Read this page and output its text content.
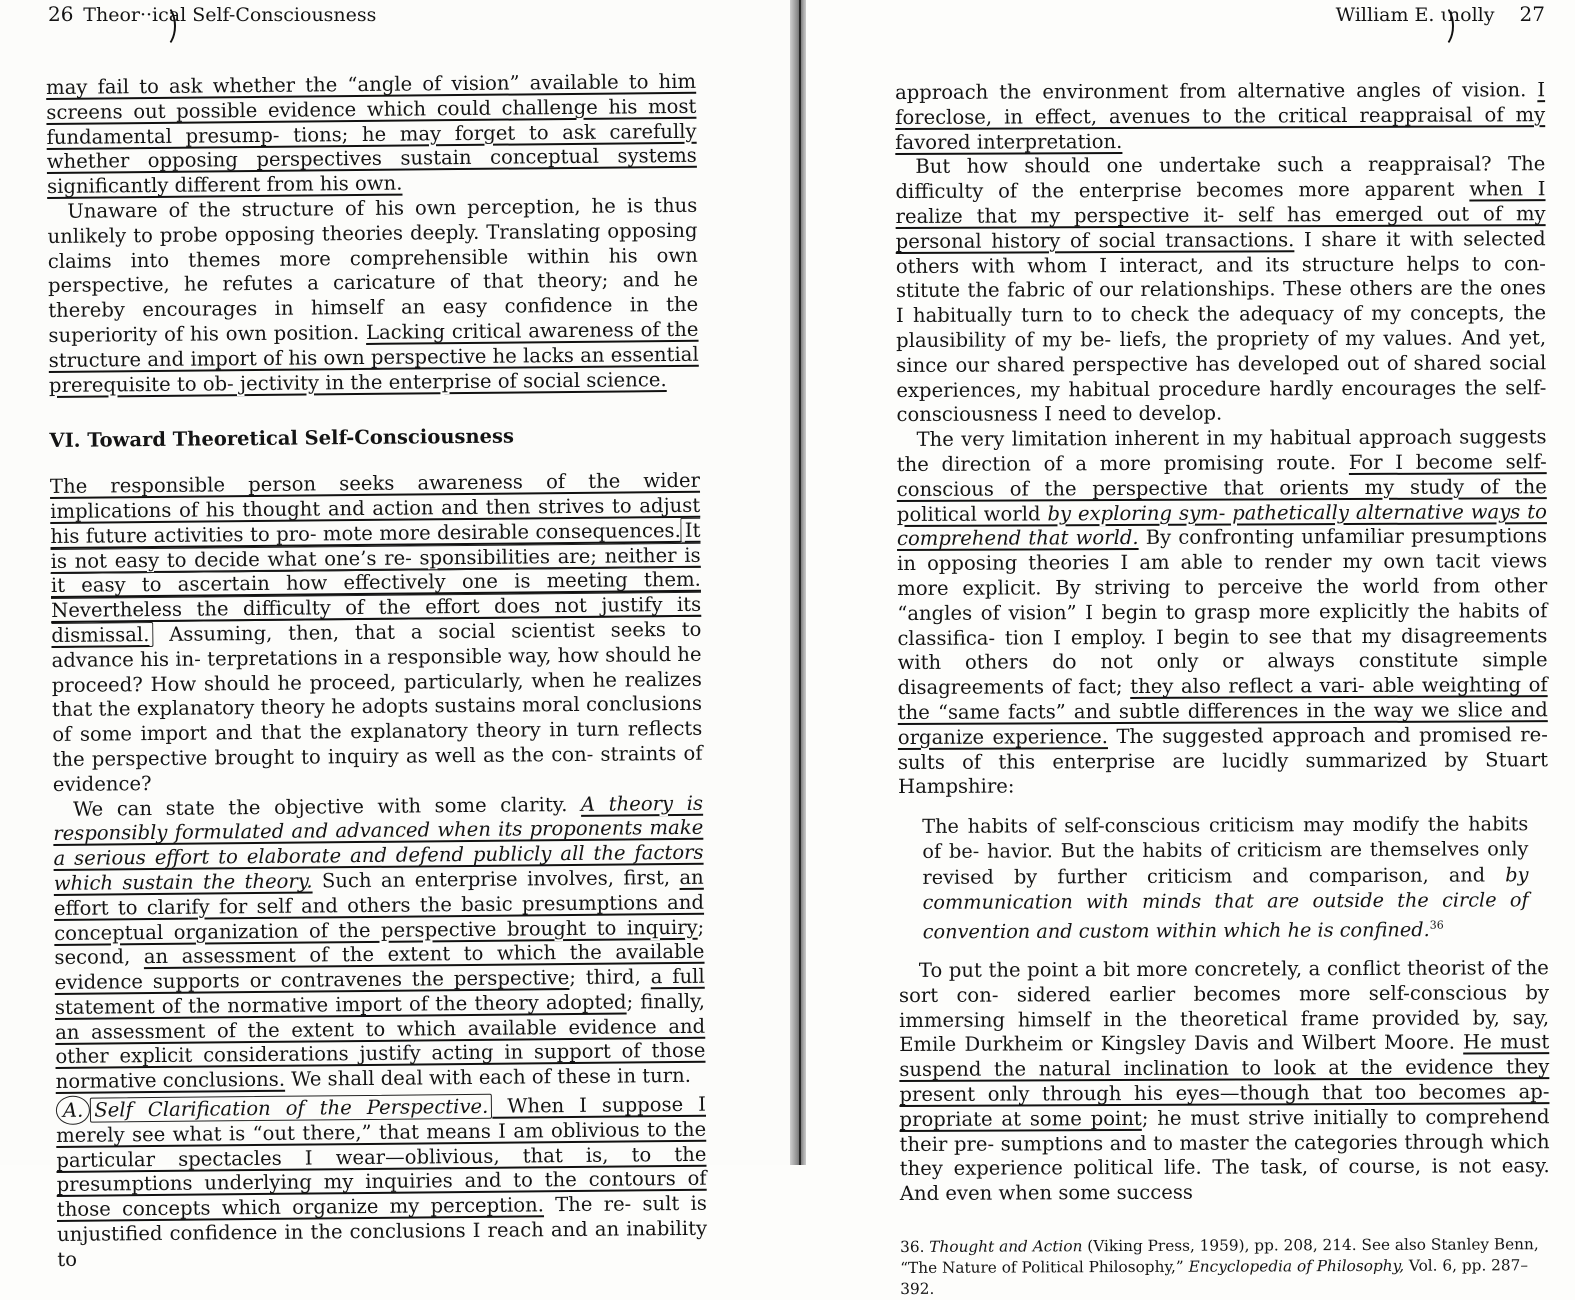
26  Theor··ical Self-Consciousness

may fail to ask whether the “angle of vision” available to him screens out possible evidence which could challenge his most fundamental presump- tions; he may forget to ask carefully whether opposing perspectives sustain conceptual systems significantly different from his own.

Unaware of the structure of his own perception, he is thus unlikely to probe opposing theories deeply. Translating opposing claims into themes more comprehensible within his own perspective, he refutes a caricature of that theory; and he thereby encourages in himself an easy confidence in the superiority of his own position. Lacking critical awareness of the structure and import of his own perspective he lacks an essential prerequisite to ob- jectivity in the enterprise of social science.

VI. Toward Theoretical Self-Consciousness

The responsible person seeks awareness of the wider implications of his thought and action and then strives to adjust his future activities to pro- mote more desirable consequences. It is not easy to decide what one’s re- sponsibilities are; neither is it easy to ascertain how effectively one is meeting them. Nevertheless the difficulty of the effort does not justify its dismissal. Assuming, then, that a social scientist seeks to advance his in- terpretations in a responsible way, how should he proceed? How should he proceed, particularly, when he realizes that the explanatory theory he adopts sustains moral conclusions of some import and that the explanatory theory in turn reflects the perspective brought to inquiry as well as the con- straints of evidence?

We can state the objective with some clarity. A theory is responsibly formulated and advanced when its proponents make a serious effort to elaborate and defend publicly all the factors which sustain the theory. Such an enterprise involves, first, an effort to clarify for self and others the basic presumptions and conceptual organization of the perspective brought to inquiry; second, an assessment of the extent to which the available evidence supports or contravenes the perspective; third, a full statement of the normative import of the theory adopted; finally, an assessment of the extent to which available evidence and other explicit considerations justify acting in support of those normative conclusions. We shall deal with each of these in turn.

A. Self Clarification of the Perspective. When I suppose I merely see what is “out there,” that means I am oblivious to the particular spectacles I wear—oblivious, that is, to the presumptions underlying my inquiries and to the contours of those concepts which organize my perception. The re- sult is unjustified confidence in the conclusions I reach and an inability to

William E. ɩnolly  27

approach the environment from alternative angles of vision. I foreclose, in effect, avenues to the critical reappraisal of my favored interpretation.

But how should one undertake such a reappraisal? The difficulty of the enterprise becomes more apparent when I realize that my perspective it- self has emerged out of my personal history of social transactions. I share it with selected others with whom I interact, and its structure helps to con- stitute the fabric of our relationships. These others are the ones I habitually turn to to check the adequacy of my concepts, the plausibility of my be- liefs, the propriety of my values. And yet, since our shared perspective has developed out of shared social experiences, my habitual procedure hardly encourages the self-consciousness I need to develop.

The very limitation inherent in my habitual approach suggests the direction of a more promising route. For I become self-conscious of the perspective that orients my study of the political world by exploring sym- pathetically alternative ways to comprehend that world. By confronting unfamiliar presumptions in opposing theories I am able to render my own tacit views more explicit. By striving to perceive the world from other “angles of vision” I begin to grasp more explicitly the habits of classifica- tion I employ. I begin to see that my disagreements with others do not only or always constitute simple disagreements of fact; they also reflect a vari- able weighting of the “same facts” and subtle differences in the way we slice and organize experience. The suggested approach and promised re- sults of this enterprise are lucidly summarized by Stuart Hampshire:

The habits of self-conscious criticism may modify the habits of be- havior. But the habits of criticism are themselves only revised by further criticism and comparison, and by communication with minds that are outside the circle of convention and custom within which he is confined.$^{36}$

To put the point a bit more concretely, a conflict theorist of the sort con- sidered earlier becomes more self-conscious by immersing himself in the theoretical frame provided by, say, Emile Durkheim or Kingsley Davis and Wilbert Moore. He must suspend the natural inclination to look at the evidence they present only through his eyes—though that too becomes ap- propriate at some point; he must strive initially to comprehend their pre- sumptions and to master the categories through which they experience political life. The task, of course, is not easy. And even when some success

36. Thought and Action (Viking Press, 1959), pp. 208, 214. See also Stanley Benn, “The Nature of Political Philosophy,” Encyclopedia of Philosophy, Vol. 6, pp. 287–392.
